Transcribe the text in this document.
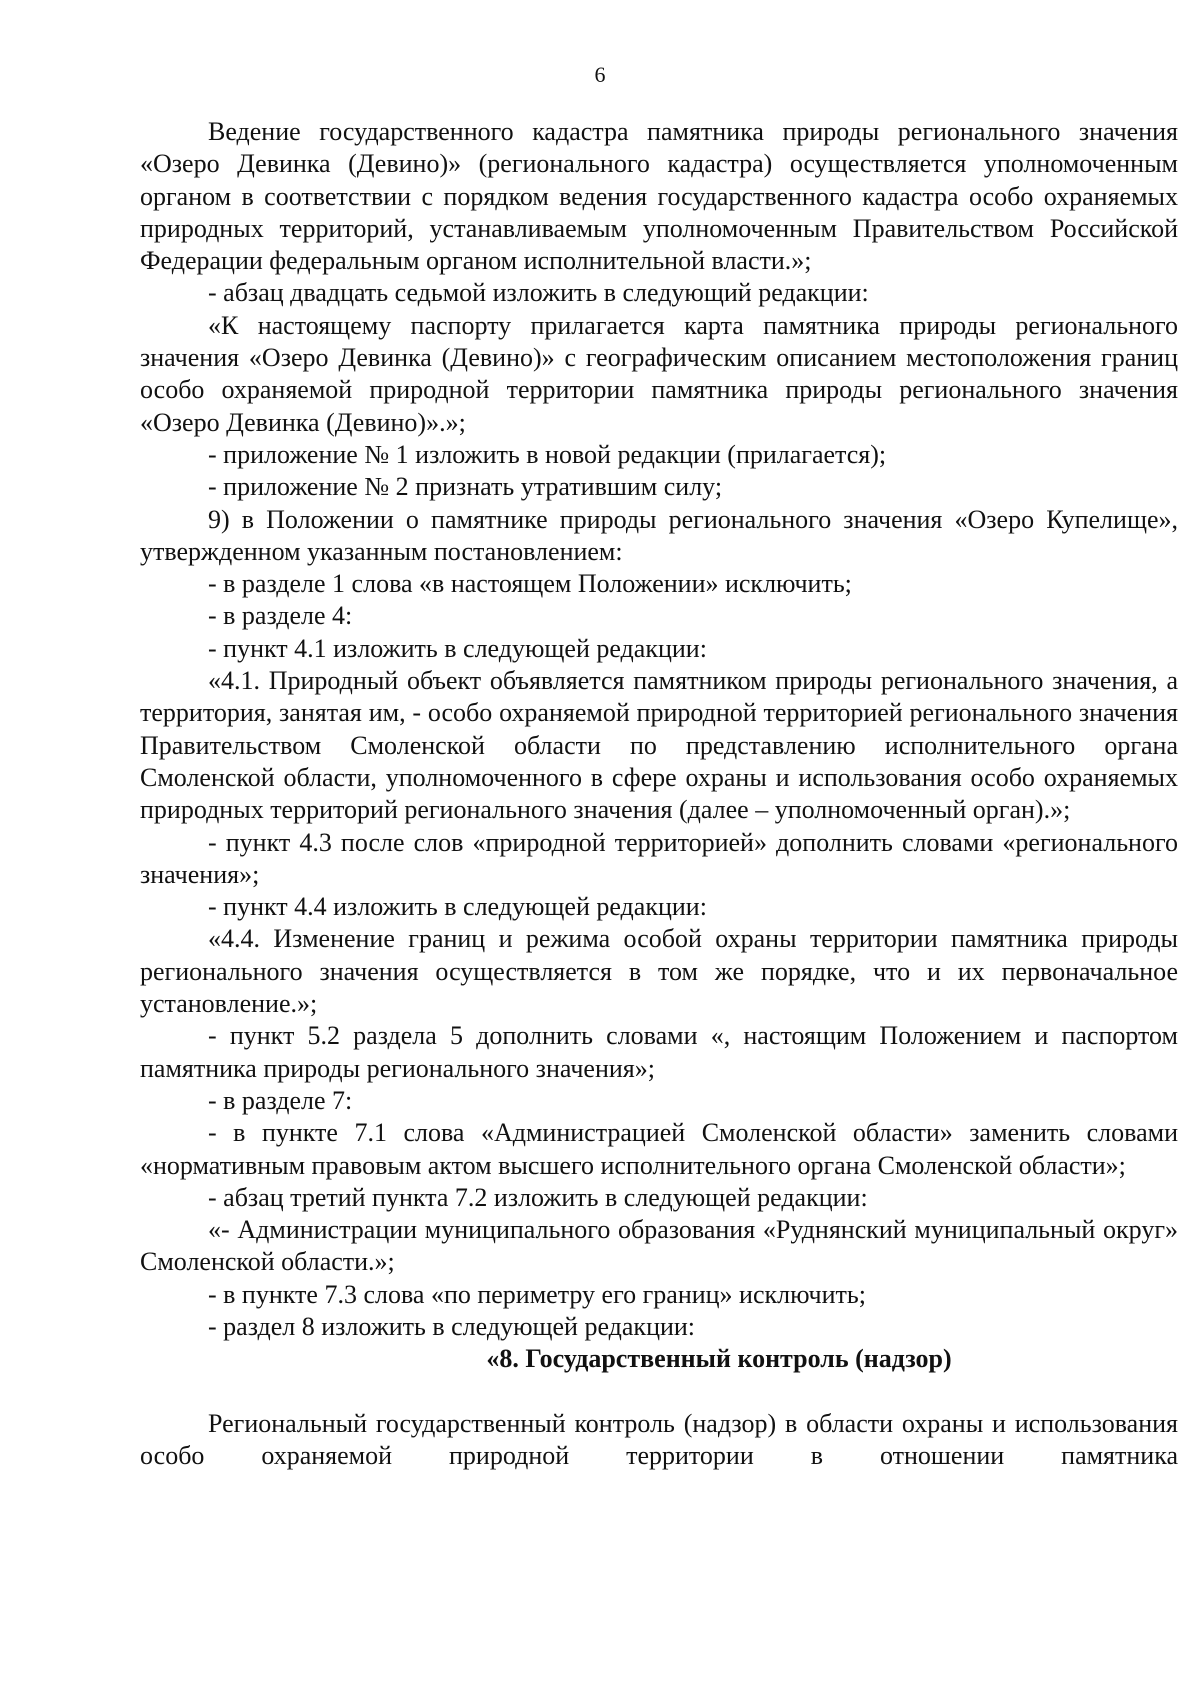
6

Ведение государственного кадастра памятника природы регионального значения «Озеро Девинка (Девино)» (регионального кадастра) осуществляется уполномоченным органом в соответствии с порядком ведения государственного кадастра особо охраняемых природных территорий, устанавливаемым уполномоченным Правительством Российской Федерации федеральным органом исполнительной власти.»;

- абзац двадцать седьмой изложить в следующий редакции:

«К настоящему паспорту прилагается карта памятника природы регионального значения «Озеро Девинка (Девино)» с географическим описанием местоположения границ особо охраняемой природной территории памятника природы регионального значения «Озеро Девинка (Девино)».»;

- приложение № 1 изложить в новой редакции (прилагается);

- приложение № 2 признать утратившим силу;

9) в Положении о памятнике природы регионального значения «Озеро Купелище», утвержденном указанным постановлением:

- в разделе 1 слова «в настоящем Положении» исключить;

- в разделе 4:

- пункт 4.1 изложить в следующей редакции:

«4.1. Природный объект объявляется памятником природы регионального значения, а территория, занятая им, - особо охраняемой природной территорией регионального значения Правительством Смоленской области по представлению исполнительного органа Смоленской области, уполномоченного в сфере охраны и использования особо охраняемых природных территорий регионального значения (далее – уполномоченный орган).»;

- пункт 4.3 после слов «природной территорией» дополнить словами «регионального значения»;

- пункт 4.4 изложить в следующей редакции:

«4.4. Изменение границ и режима особой охраны территории памятника природы регионального значения осуществляется в том же порядке, что и их первоначальное установление.»;

- пункт 5.2 раздела 5 дополнить словами «, настоящим Положением и паспортом памятника природы регионального значения»;

- в разделе 7:

- в пункте 7.1 слова «Администрацией Смоленской области» заменить словами «нормативным правовым актом высшего исполнительного органа Смоленской области»;

- абзац третий пункта 7.2 изложить в следующей редакции:

«- Администрации муниципального образования «Руднянский муниципальный округ» Смоленской области.»;

- в пункте 7.3 слова «по периметру его границ» исключить;

- раздел 8 изложить в следующей редакции:

«8. Государственный контроль (надзор)

Региональный государственный контроль (надзор) в области охраны и использования особо охраняемой природной территории в отношении памятника
